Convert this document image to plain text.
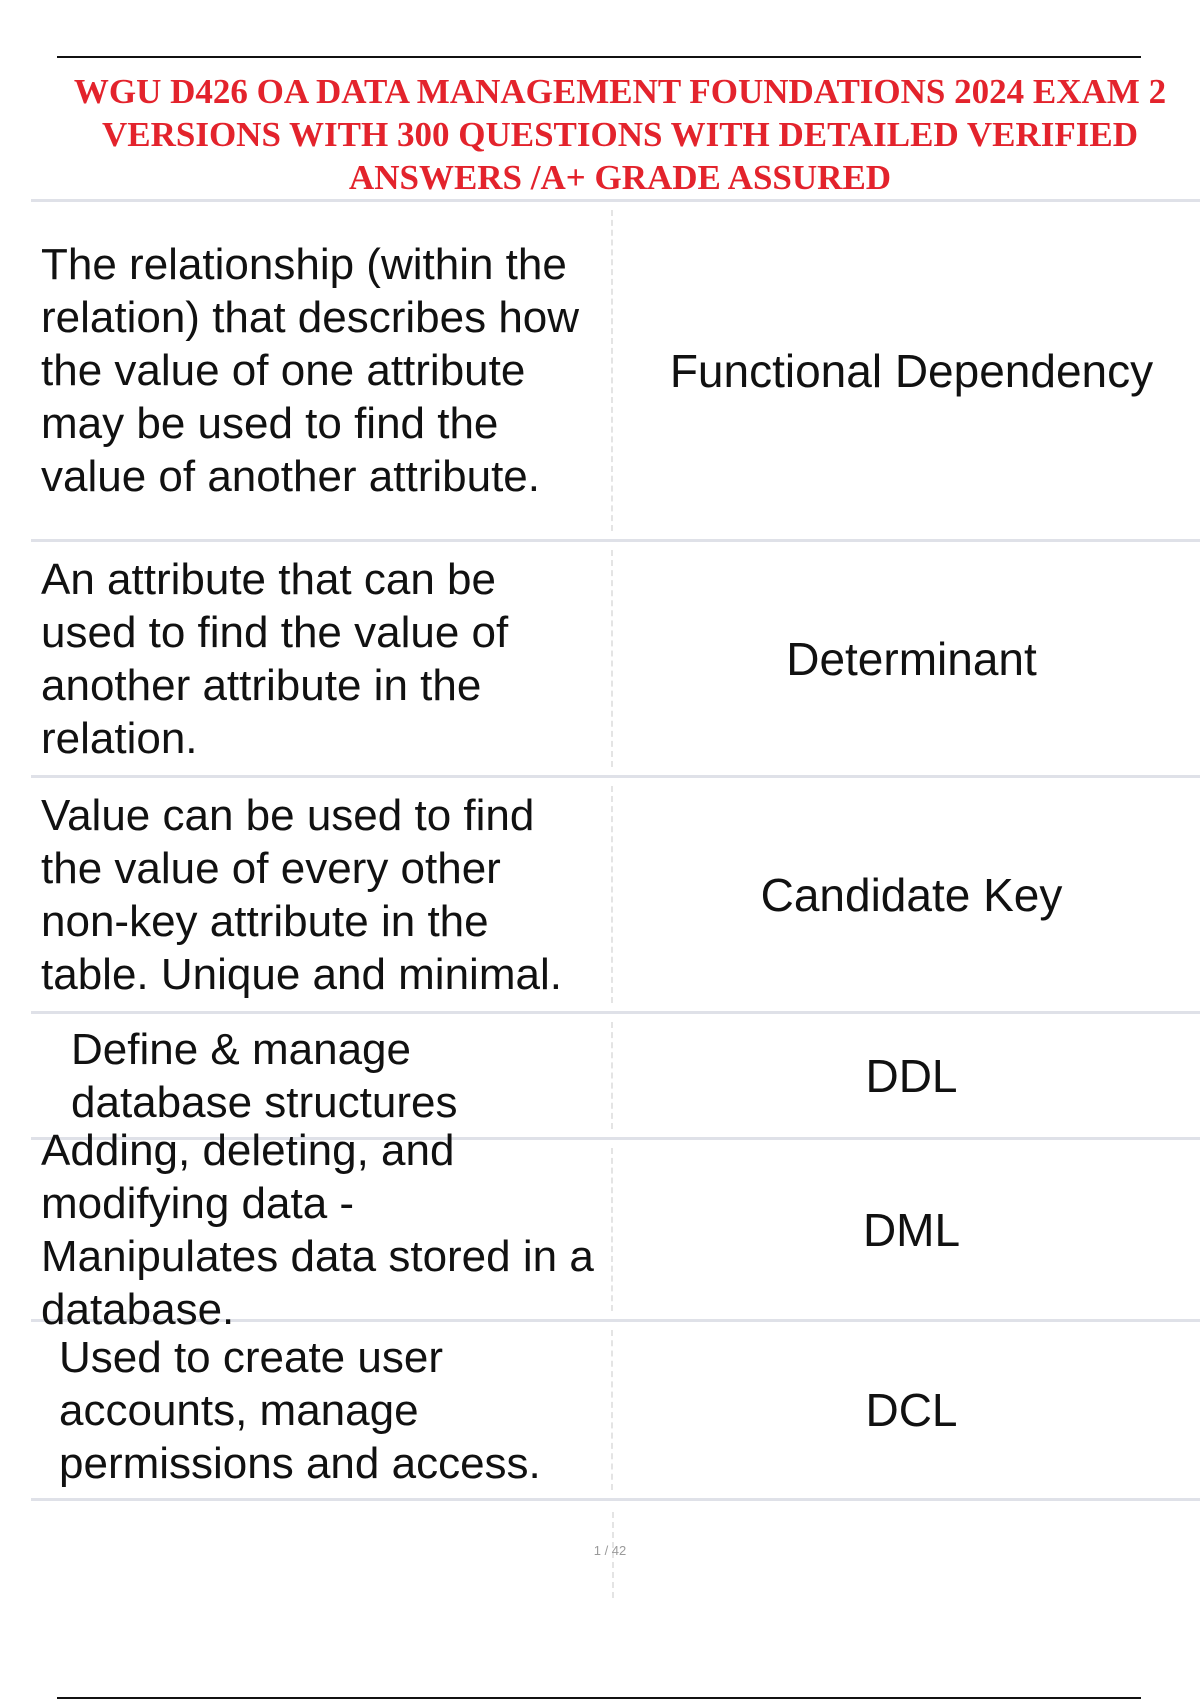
WGU D426 OA DATA MANAGEMENT FOUNDATIONS 2024 EXAM 2 VERSIONS WITH 300 QUESTIONS WITH DETAILED VERIFIED ANSWERS /A+ GRADE ASSURED
The relationship (within the relation) that describes how the value of one attribute may be used to find the value of another attribute.
Functional Dependency
An attribute that can be used to find the value of another attribute in the relation.
Determinant
Value can be used to find the value of every other non-key attribute in the table. Unique and minimal.
Candidate Key
Define & manage database structures
DDL
Adding, deleting, and modifying data - Manipulates data stored in a database.
DML
Used to create user accounts, manage permissions and access.
DCL
1 / 42
